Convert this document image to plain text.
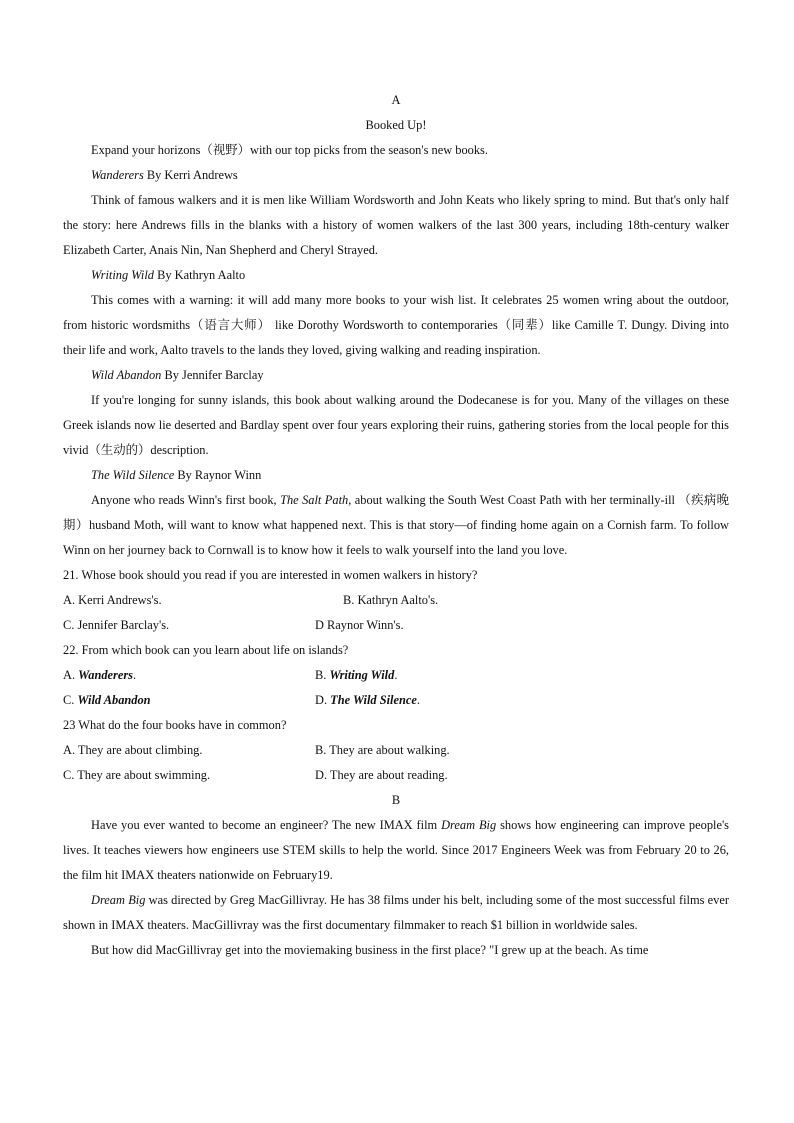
A
Booked Up!

Expand your horizons（视野）with our top picks from the season's new books.

Wanderers By Kerri Andrews

Think of famous walkers and it is men like William Wordsworth and John Keats who likely spring to mind. But that's only half the story: here Andrews fills in the blanks with a history of women walkers of the last 300 years, including 18th-century walker Elizabeth Carter, Anais Nin, Nan Shepherd and Cheryl Strayed.

Writing Wild By Kathryn Aalto

This comes with a warning: it will add many more books to your wish list. It celebrates 25 women wring about the outdoor, from historic wordsmiths（语言大师） like Dorothy Wordsworth to contemporaries（同辈）like Camille T. Dungy. Diving into their life and work, Aalto travels to the lands they loved, giving walking and reading inspiration.

Wild Abandon By Jennifer Barclay

If you're longing for sunny islands, this book about walking around the Dodecanese is for you. Many of the villages on these Greek islands now lie deserted and Bardlay spent over four years exploring their ruins, gathering stories from the local people for this vivid（生动的）description.

The Wild Silence By Raynor Winn

Anyone who reads Winn's first book, The Salt Path, about walking the South West Coast Path with her terminally-ill （疾病晚期）husband Moth, will want to know what happened next. This is that story—of finding home again on a Cornish farm. To follow Winn on her journey back to Cornwall is to know how it feels to walk yourself into the land you love.

21. Whose book should you read if you are interested in women walkers in history?

A. Kerri Andrews's.	B. Kathryn Aalto's.
C. Jennifer Barclay's.	D Raynor Winn's.

22. From which book can you learn about life on islands?

A. Wanderers.	B. Writing Wild.
C. Wild Abandon	D. The Wild Silence.

23 What do the four books have in common?

A. They are about climbing.	B. They are about walking.
C. They are about swimming.	D. They are about reading.
B

Have you ever wanted to become an engineer? The new IMAX film Dream Big shows how engineering can improve people's lives. It teaches viewers how engineers use STEM skills to help the world. Since 2017 Engineers Week was from February 20 to 26, the film hit IMAX theaters nationwide on February19.

Dream Big was directed by Greg MacGillivray. He has 38 films under his belt, including some of the most successful films ever shown in IMAX theaters. MacGillivray was the first documentary filmmaker to reach $1 billion in worldwide sales.

But how did MacGillivray get into the moviemaking business in the first place? "I grew up at the beach. As time
